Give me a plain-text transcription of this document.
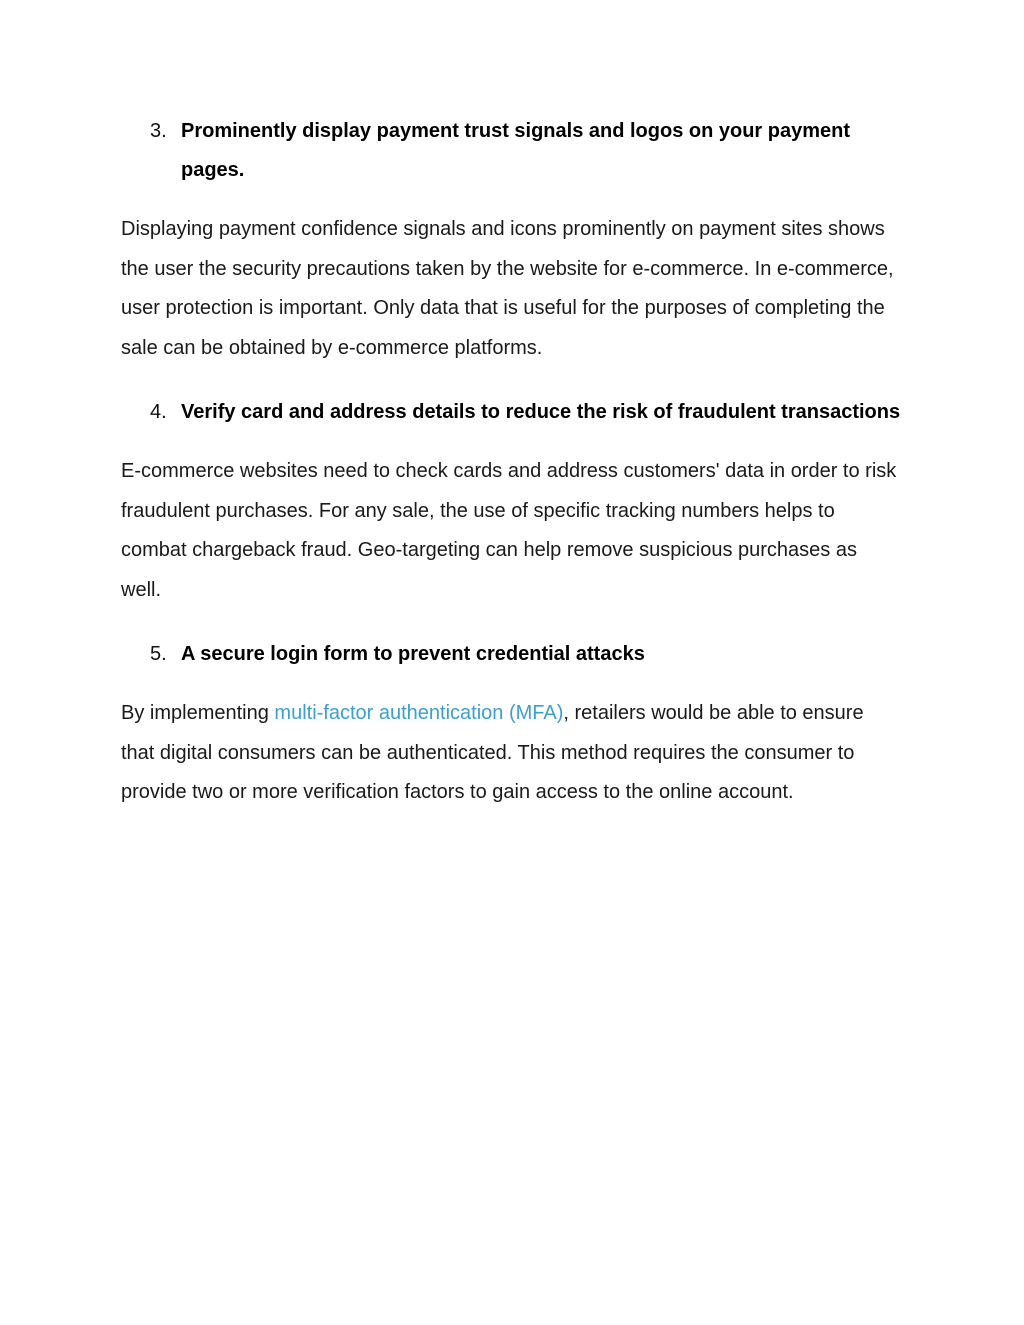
3. Prominently display payment trust signals and logos on your payment pages.

Displaying payment confidence signals and icons prominently on payment sites shows the user the security precautions taken by the website for e-commerce. In e-commerce, user protection is important. Only data that is useful for the purposes of completing the sale can be obtained by e-commerce platforms.

4. Verify card and address details to reduce the risk of fraudulent transactions

E-commerce websites need to check cards and address customers' data in order to risk fraudulent purchases. For any sale, the use of specific tracking numbers helps to combat chargeback fraud. Geo-targeting can help remove suspicious purchases as well.

5. A secure login form to prevent credential attacks

By implementing multi-factor authentication (MFA), retailers would be able to ensure that digital consumers can be authenticated. This method requires the consumer to provide two or more verification factors to gain access to the online account.
